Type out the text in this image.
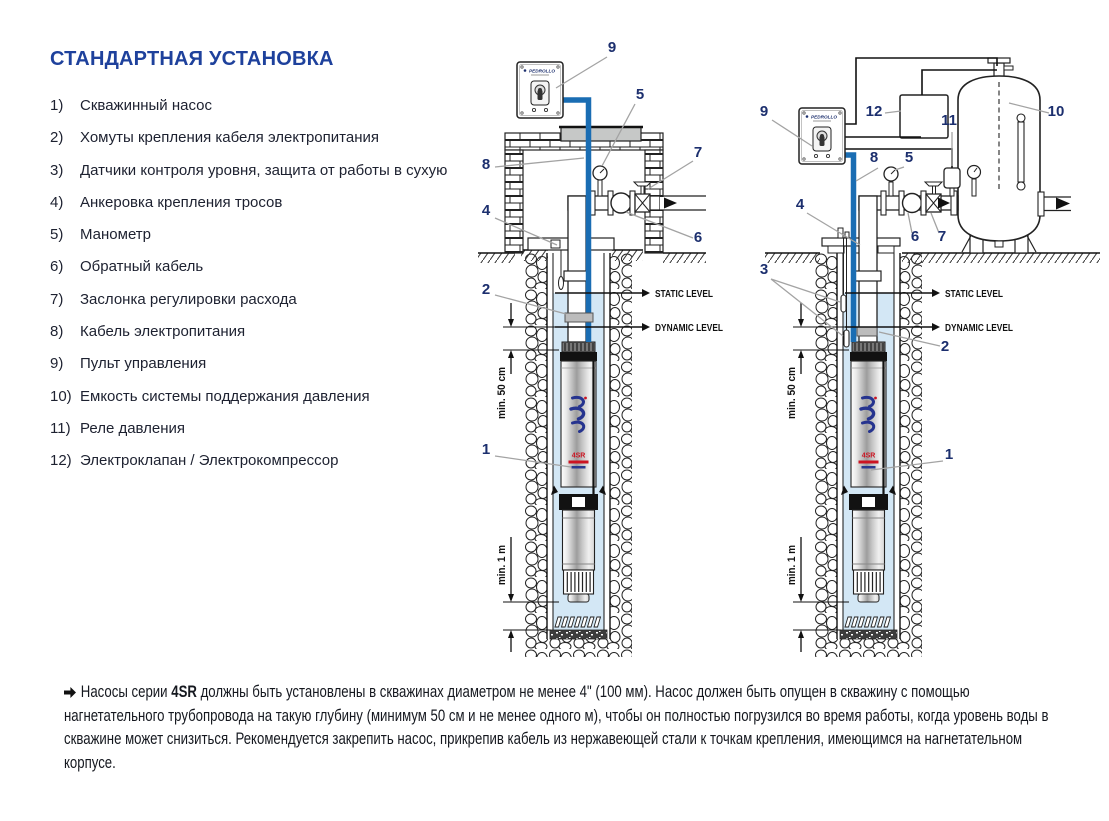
СТАНДАРТНАЯ УСТАНОВКА
1)	Скважинный насос
2)	Хомуты крепления кабеля электропитания
3)	Датчики контроля уровня, защита от работы в сухую
4)	Анкеровка крепления тросов
5)	Манометр
6)	Обратный кабель
7)	Заслонка регулировки расхода
8)	Кабель электропитания
9)	Пульт управления
10) Емкость системы поддержания давления
11) Реле давления
12) Электроклапан / Электрокомпрессор
4SR
PEDROLLO
STATIC LEVEL
DYNAMIC LEVEL
9
5
7
8
4
6
2
1
STATIC LEVEL
DYNAMIC LEVEL
9	12
11
10
8 5
4
6 7
3
2
1

Насосы серии 4SR должны быть установлены в скважинах диаметром не менее 4" (100 мм). Насос должен быть опущен в скважину с помощью нагнетательного трубопровода на такую глубину (минимум 50 см и не менее одного м), чтобы он полностью погрузился во время работы, когда уровень воды в скважине может снизиться. Рекомендуется закрепить насос, прикрепив кабель из нержавеющей стали к точкам крепления, имеющимся на нагнетательном корпусе.
